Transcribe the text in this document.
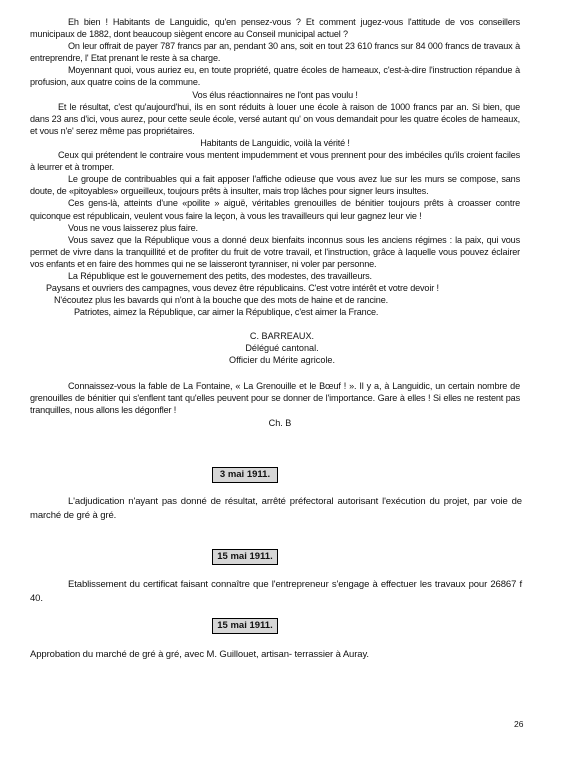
Eh bien ! Habitants de Languidic, qu'en pensez-vous ? Et comment jugez-vous l'attitude de vos conseillers municipaux de 1882, dont beaucoup siègent encore au Conseil municipal actuel ?

On leur offrait de payer 787 francs par an, pendant 30 ans, soit en tout 23 610 francs sur 84 000 francs de travaux à entreprendre, l' Etat prenant le reste à sa charge.

Moyennant quoi, vous auriez eu, en toute propriété, quatre écoles de hameaux, c'est-à-dire l'instruction répandue à profusion, aux quatre coins de la commune.

Vos élus réactionnaires ne l'ont pas voulu !

Et le résultat, c'est qu'aujourd'hui, ils en sont réduits à louer une école à raison de 1000 francs par an. Si bien, que dans 23 ans d'ici, vous aurez, pour cette seule école, versé autant qu' on vous demandait pour les quatre écoles de hameaux, et vous n'e' serez même pas propriétaires.

Habitants de Languidic, voilà la vérité !

Ceux qui prétendent le contraire vous mentent impudemment et vous prennent pour des imbéciles qu'ils croient faciles à leurrer et à tromper.

Le groupe de contribuables qui a fait apposer l'affiche odieuse que vous avez lue sur les murs se compose, sans doute, de «pitoyables» orgueilleux, toujours prêts à insulter, mais trop lâches pour signer leurs insultes.

Ces gens-là, atteints d'une «poilite » aiguë, véritables grenouilles de bénitier toujours prêts à croasser contre quiconque est républicain, veulent vous faire la leçon, à vous les travailleurs qui leur gagnez leur vie !

Vous ne vous laisserez plus faire.

Vous savez que la République vous a donné deux bienfaits inconnus sous les anciens régimes : la paix, qui vous permet de vivre dans la tranquillité et de profiter du fruit de votre travail, et l'instruction, grâce à laquelle vous pouvez éclairer vos enfants et en faire des hommes qui ne se laisseront tyranniser, ni voler par personne.

La République est le gouvernement des petits, des modestes, des travailleurs.

Paysans et ouvriers des campagnes, vous devez être républicains. C'est votre intérêt et votre devoir !

N'écoutez plus les bavards qui n'ont à la bouche que des mots de haine et de rancine.

Patriotes, aimez la République, car aimer la République, c'est aimer la France.

C. BARREAUX.
Délégué cantonal.
Officier du Mérite agricole.

Connaissez-vous la fable de La Fontaine, « La Grenouille et le Bœuf ! ». Il y a, à Languidic, un certain nombre de grenouilles de bénitier qui s'enflent tant qu'elles peuvent pour se donner de l'importance. Gare à elles ! Si elles ne restent pas tranquilles, nous allons les dégonfler !

Ch. B
3 mai 1911.

L'adjudication n'ayant pas donné de résultat, arrêté préfectoral autorisant l'exécution du projet, par voie de marché de gré à gré.

15 mai 1911.

Etablissement du certificat faisant connaître que l'entrepreneur s'engage à effectuer les travaux pour 26867 f 40.

15 mai 1911.

Approbation du marché de gré à gré, avec M. Guillouet, artisan- terrassier à Auray.

26
